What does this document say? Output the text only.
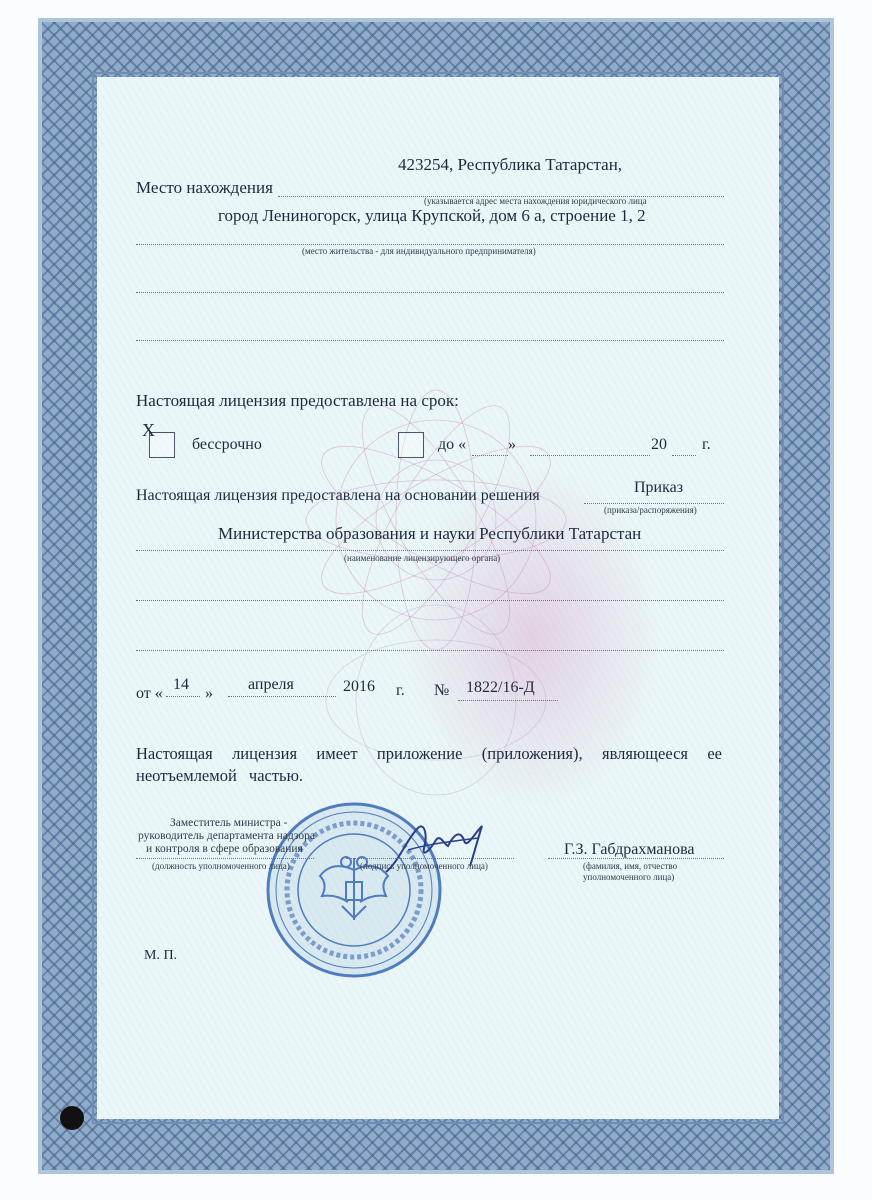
423254, Республика Татарстан,
Место нахождения
(указывается адрес места нахождения юридического лица
город Лениногорск, улица Крупской, дом 6 а, строение 1, 2
(место жительства - для индивидуального предпринимателя)
Настоящая лицензия предоставлена на срок:
X
бессрочно	до «	»	20 г.
Приказ
Настоящая лицензия предоставлена на основании решения
(приказа/распоряжения)
Министерства образования и науки Республики Татарстан
(наименование лицензирующего органа)
от «
14
»
апреля	2016 г. № 1822/16-Д
Настоящая лицензия имеет приложение (приложения), являющееся ее
неотъемлемой частью.
Заместитель министра -
руководитель департамента надзора
и контроля в сфере образования
(должность уполномоченного лица)	(подпись уполномоченного лица)
Г.З. Габдрахманова
(фамилия, имя, отчество
уполномоченного лица)
М. П.
